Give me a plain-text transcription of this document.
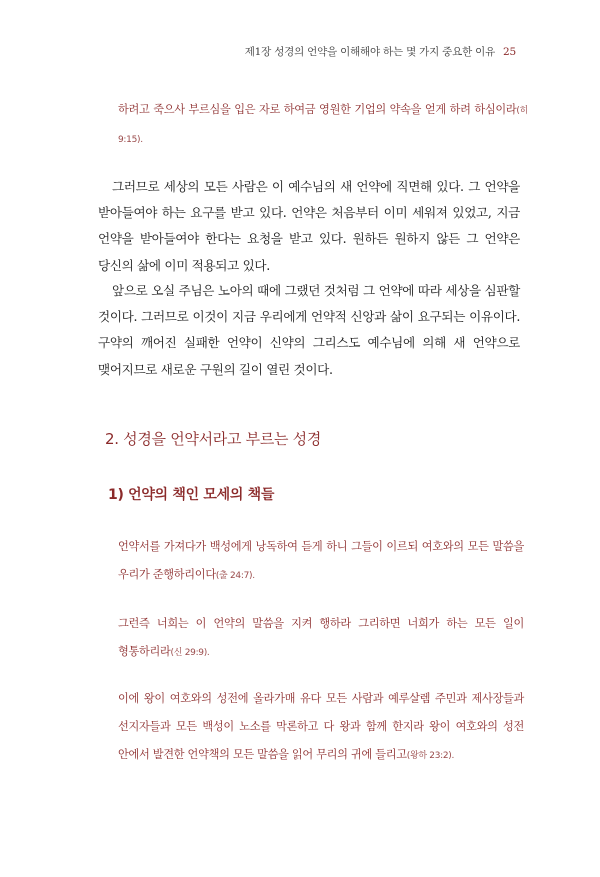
제1장 성경의 언약을 이해해야 하는 몇 가지 중요한 이유 25
하려고 죽으사 부르심을 입은 자로 하여금 영원한 기업의 약속을 얻게 하려 하심이라(히 9:15).

그러므로 세상의 모든 사람은 이 예수님의 새 언약에 직면해 있다. 그 언약을 받아들여야 하는 요구를 받고 있다. 언약은 처음부터 이미 세워져 있었고, 지금 언약을 받아들여야 한다는 요청을 받고 있다. 원하든 원하지 않든 그 언약은 당신의 삶에 이미 적용되고 있다.

앞으로 오실 주님은 노아의 때에 그랬던 것처럼 그 언약에 따라 세상을 심판할 것이다. 그러므로 이것이 지금 우리에게 언약적 신앙과 삶이 요구되는 이유이다. 구약의 깨어진 실패한 언약이 신약의 그리스도 예수님에 의해 새 언약으로 맺어지므로 새로운 구원의 길이 열린 것이다.

2. 성경을 언약서라고 부르는 성경
1) 언약의 책인 모세의 책들
언약서를 가져다가 백성에게 낭독하여 듣게 하니 그들이 이르되 여호와의 모든 말씀을 우리가 준행하리이다(출 24:7).
그런즉 너희는 이 언약의 말씀을 지켜 행하라 그리하면 너희가 하는 모든 일이 형통하리라(신 29:9).
이에 왕이 여호와의 성전에 올라가매 유다 모든 사람과 예루살렘 주민과 제사장들과 선지자들과 모든 백성이 노소를 막론하고 다 왕과 함께 한지라 왕이 여호와의 성전 안에서 발견한 언약책의 모든 말씀을 읽어 무리의 귀에 들리고(왕하 23:2).
